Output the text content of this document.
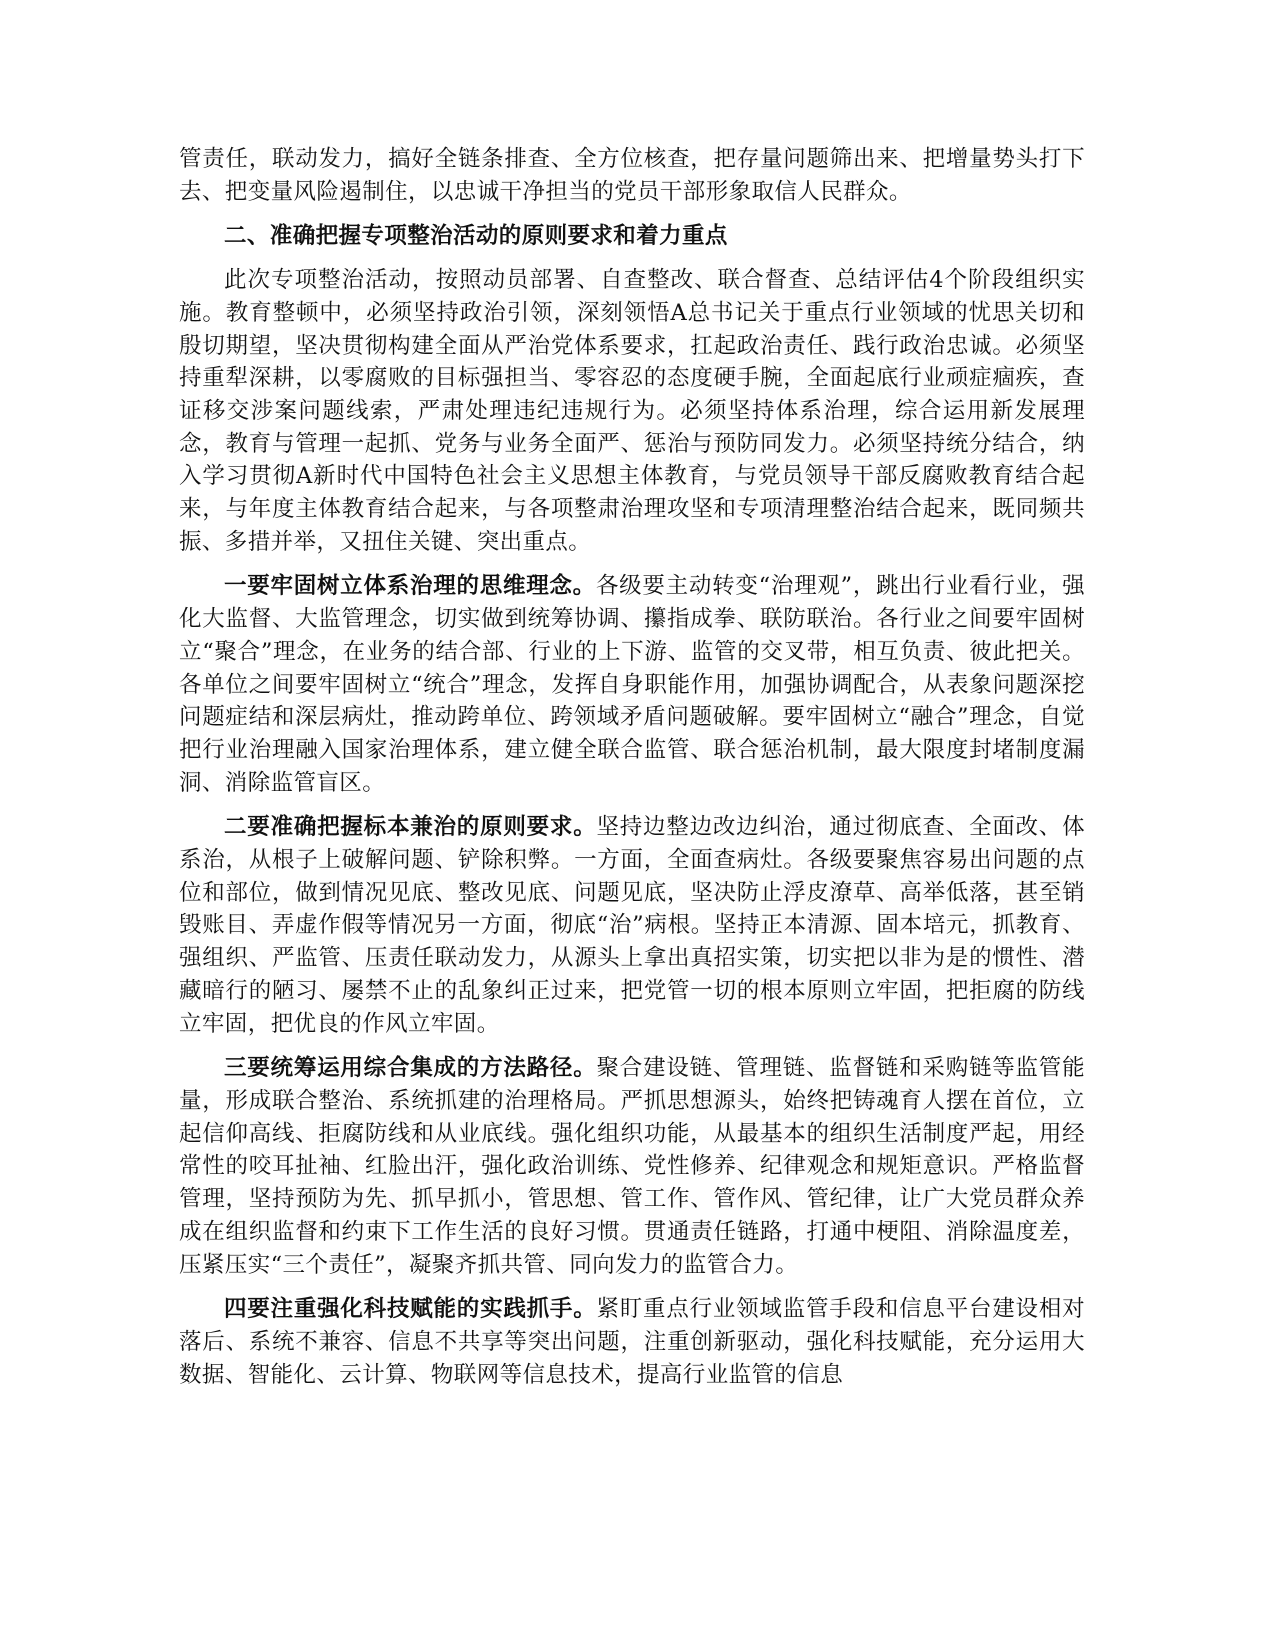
管责任，联动发力，搞好全链条排查、全方位核查，把存量问题筛出来、把增量势头打下去、把变量风险遏制住，以忠诚干净担当的党员干部形象取信人民群众。

二、准确把握专项整治活动的原则要求和着力重点

此次专项整治活动，按照动员部署、自查整改、联合督查、总结评估4个阶段组织实施。教育整顿中，必须坚持政治引领，深刻领悟A总书记关于重点行业领域的忧思关切和殷切期望，坚决贯彻构建全面从严治党体系要求，扛起政治责任、践行政治忠诚。必须坚持重犁深耕，以零腐败的目标强担当、零容忍的态度硬手腕，全面起底行业顽症痼疾，查证移交涉案问题线索，严肃处理违纪违规行为。必须坚持体系治理，综合运用新发展理念，教育与管理一起抓、党务与业务全面严、惩治与预防同发力。必须坚持统分结合，纳入学习贯彻A新时代中国特色社会主义思想主体教育，与党员领导干部反腐败教育结合起来，与年度主体教育结合起来，与各项整肃治理攻坚和专项清理整治结合起来，既同频共振、多措并举，又扭住关键、突出重点。

一要牢固树立体系治理的思维理念。各级要主动转变“治理观”，跳出行业看行业，强化大监督、大监管理念，切实做到统筹协调、攥指成拳、联防联治。各行业之间要牢固树立“聚合”理念，在业务的结合部、行业的上下游、监管的交叉带，相互负责、彼此把关。各单位之间要牢固树立“统合”理念，发挥自身职能作用，加强协调配合，从表象问题深挖问题症结和深层病灶，推动跨单位、跨领域矛盾问题破解。要牢固树立“融合”理念，自觉把行业治理融入国家治理体系，建立健全联合监管、联合惩治机制，最大限度封堵制度漏洞、消除监管盲区。

二要准确把握标本兼治的原则要求。坚持边整边改边纠治，通过彻底查、全面改、体系治，从根子上破解问题、铲除积弊。一方面，全面查病灶。各级要聚焦容易出问题的点位和部位，做到情况见底、整改见底、问题见底，坚决防止浮皮潦草、高举低落，甚至销毁账目、弄虚作假等情况另一方面，彻底“治”病根。坚持正本清源、固本培元，抓教育、强组织、严监管、压责任联动发力，从源头上拿出真招实策，切实把以非为是的惯性、潜藏暗行的陋习、屡禁不止的乱象纠正过来，把党管一切的根本原则立牢固，把拒腐的防线立牢固，把优良的作风立牢固。

三要统筹运用综合集成的方法路径。聚合建设链、管理链、监督链和采购链等监管能量，形成联合整治、系统抓建的治理格局。严抓思想源头，始终把铸魂育人摆在首位，立起信仰高线、拒腐防线和从业底线。强化组织功能，从最基本的组织生活制度严起，用经常性的咬耳扯袖、红脸出汗，强化政治训练、党性修养、纪律观念和规矩意识。严格监督管理，坚持预防为先、抓早抓小，管思想、管工作、管作风、管纪律，让广大党员群众养成在组织监督和约束下工作生活的良好习惯。贯通责任链路，打通中梗阻、消除温度差，压紧压实“三个责任”，凝聚齐抓共管、同向发力的监管合力。

四要注重强化科技赋能的实践抓手。紧盯重点行业领域监管手段和信息平台建设相对落后、系统不兼容、信息不共享等突出问题，注重创新驱动，强化科技赋能，充分运用大数据、智能化、云计算、物联网等信息技术，提高行业监管的信息
